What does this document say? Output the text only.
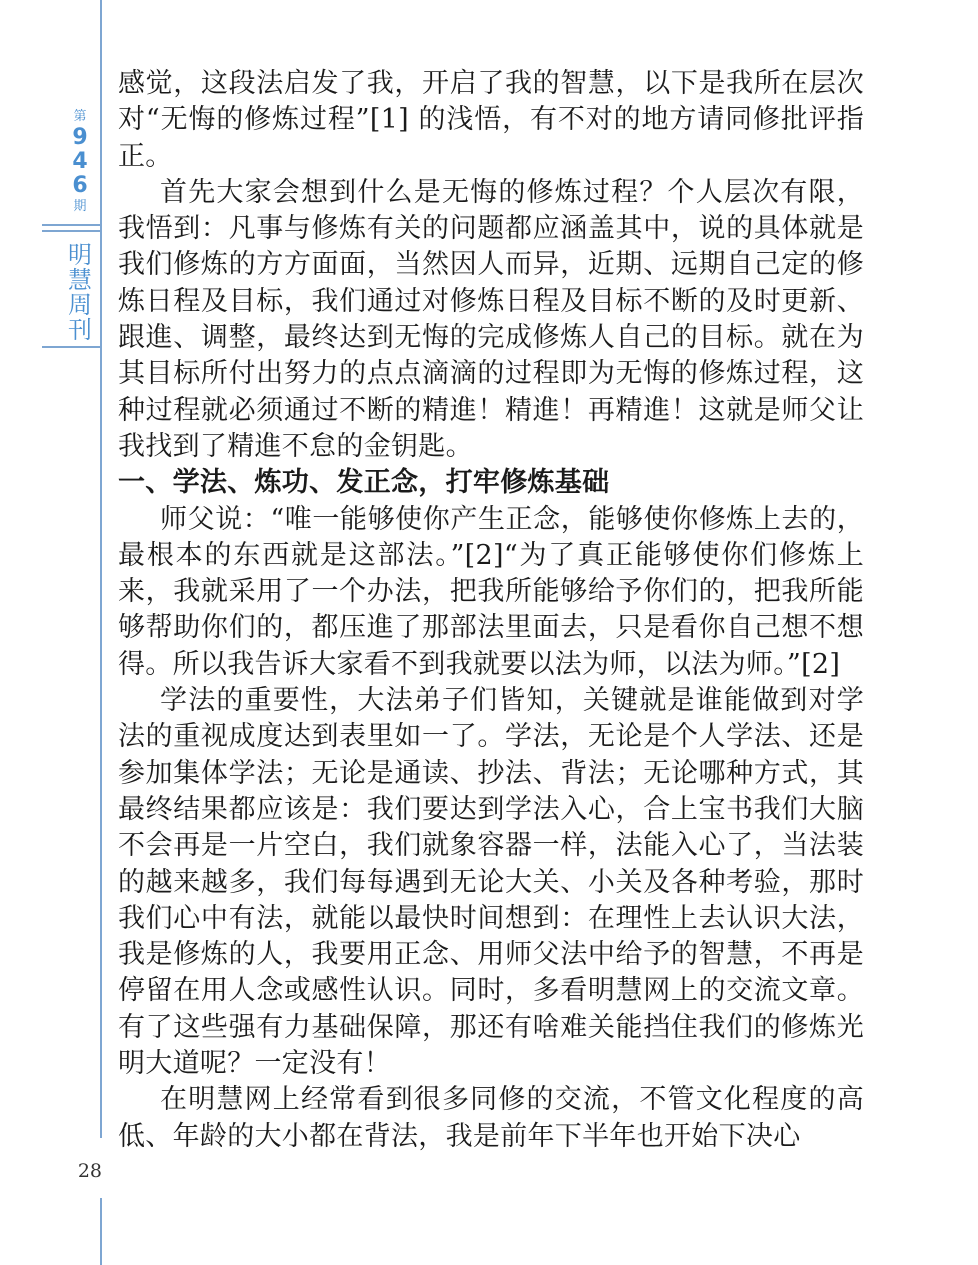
第
9
4
6
期
明
慧
周
刊
28

感觉，这段法启发了我，开启了我的智慧，以下是我所在层次对“无悔的修炼过程”[1] 的浅悟，有不对的地方请同修批评指正。

首先大家会想到什么是无悔的修炼过程？个人层次有限，我悟到：凡事与修炼有关的问题都应涵盖其中，说的具体就是我们修炼的方方面面，当然因人而异，近期、远期自己定的修炼日程及目标，我们通过对修炼日程及目标不断的及时更新、跟進、调整，最终达到无悔的完成修炼人自己的目标。就在为其目标所付出努力的点点滴滴的过程即为无悔的修炼过程，这种过程就必须通过不断的精進！精進！再精進！这就是师父让我找到了精進不怠的金钥匙。

一、学法、炼功、发正念，打牢修炼基础

师父说：“唯一能够使你产生正念，能够使你修炼上去的，最根本的东西就是这部法。”[2]“为了真正能够使你们修炼上来，我就采用了一个办法，把我所能够给予你们的，把我所能够帮助你们的，都压進了那部法里面去，只是看你自己想不想得。所以我告诉大家看不到我就要以法为师，以法为师。”[2]

学法的重要性，大法弟子们皆知，关键就是谁能做到对学法的重视成度达到表里如一了。学法，无论是个人学法、还是参加集体学法；无论是通读、抄法、背法；无论哪种方式，其最终结果都应该是：我们要达到学法入心，合上宝书我们大脑不会再是一片空白，我们就象容器一样，法能入心了，当法装的越来越多，我们每每遇到无论大关、小关及各种考验，那时我们心中有法，就能以最快时间想到：在理性上去认识大法，我是修炼的人，我要用正念、用师父法中给予的智慧，不再是停留在用人念或感性认识。同时，多看明慧网上的交流文章。有了这些强有力基础保障，那还有啥难关能挡住我们的修炼光明大道呢？一定没有！

在明慧网上经常看到很多同修的交流，不管文化程度的高低、年龄的大小都在背法，我是前年下半年也开始下决心
